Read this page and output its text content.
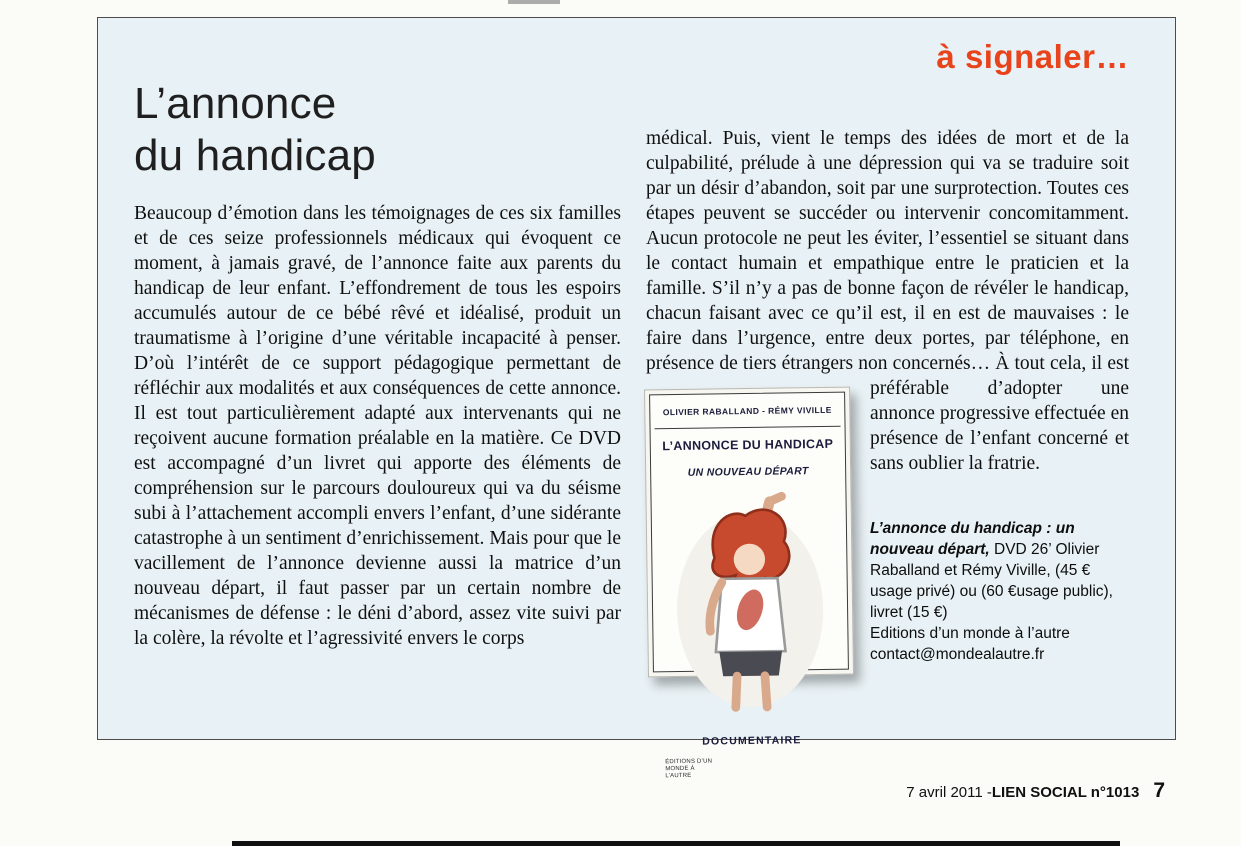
à signaler…
L’annonce
du handicap
Beaucoup d’émotion dans les témoignages de ces six familles et de ces seize professionnels médicaux qui évoquent ce moment, à jamais gravé, de l’annonce faite aux parents du handicap de leur enfant. L’effondrement de tous les espoirs accumulés autour de ce bébé rêvé et idéalisé, produit un traumatisme à l’origine d’une véritable incapacité à penser. D’où l’intérêt de ce support pédagogique permettant de réfléchir aux modalités et aux conséquences de cette annonce. Il est tout particulièrement adapté aux intervenants qui ne reçoivent aucune formation préalable en la matière. Ce DVD est accompagné d’un livret qui apporte des éléments de compréhension sur le parcours douloureux qui va du séisme subi à l’attachement accompli envers l’enfant, d’une sidérante catastrophe à un sentiment d’enrichissement. Mais pour que le vacillement de l’annonce devienne aussi la matrice d’un nouveau départ, il faut passer par un certain nombre de mécanismes de défense : le déni d’abord, assez vite suivi par la colère, la révolte et l’agressivité envers le corps
médical. Puis, vient le temps des idées de mort et de la culpabilité, prélude à une dépression qui va se traduire soit par un désir d’abandon, soit par une surprotection. Toutes ces étapes peuvent se succéder ou intervenir concomitamment. Aucun protocole ne peut les éviter, l’essentiel se situant dans le contact humain et empathique entre le praticien et la famille. S’il n’y a pas de bonne façon de révéler le handicap, chacun faisant avec ce qu’il est, il en est de mauvaises : le faire dans l’urgence, entre deux portes, par téléphone, en présence de tiers étrangers non concernés… À tout
OLIVIER RABALLAND - RÉMY VIVILLE
L’ANNONCE DU HANDICAP
UN NOUVEAU DÉPART
DOCUMENTAIRE
ÉDITIONS D’UN MONDE À L’AUTRE
cela, il est préférable d’adopter une annonce progressive effectuée en présence de l’enfant concerné et sans oublier la fratrie.
L’annonce du handicap : un nouveau départ, DVD 26’ Olivier Raballand et Rémy Viville, (45 € usage privé) ou (60 €usage public), livret (15 €)
Editions d’un monde à l’autre
contact@mondealautre.fr
7 avril 2011 - LIEN SOCIAL n°1013 7
